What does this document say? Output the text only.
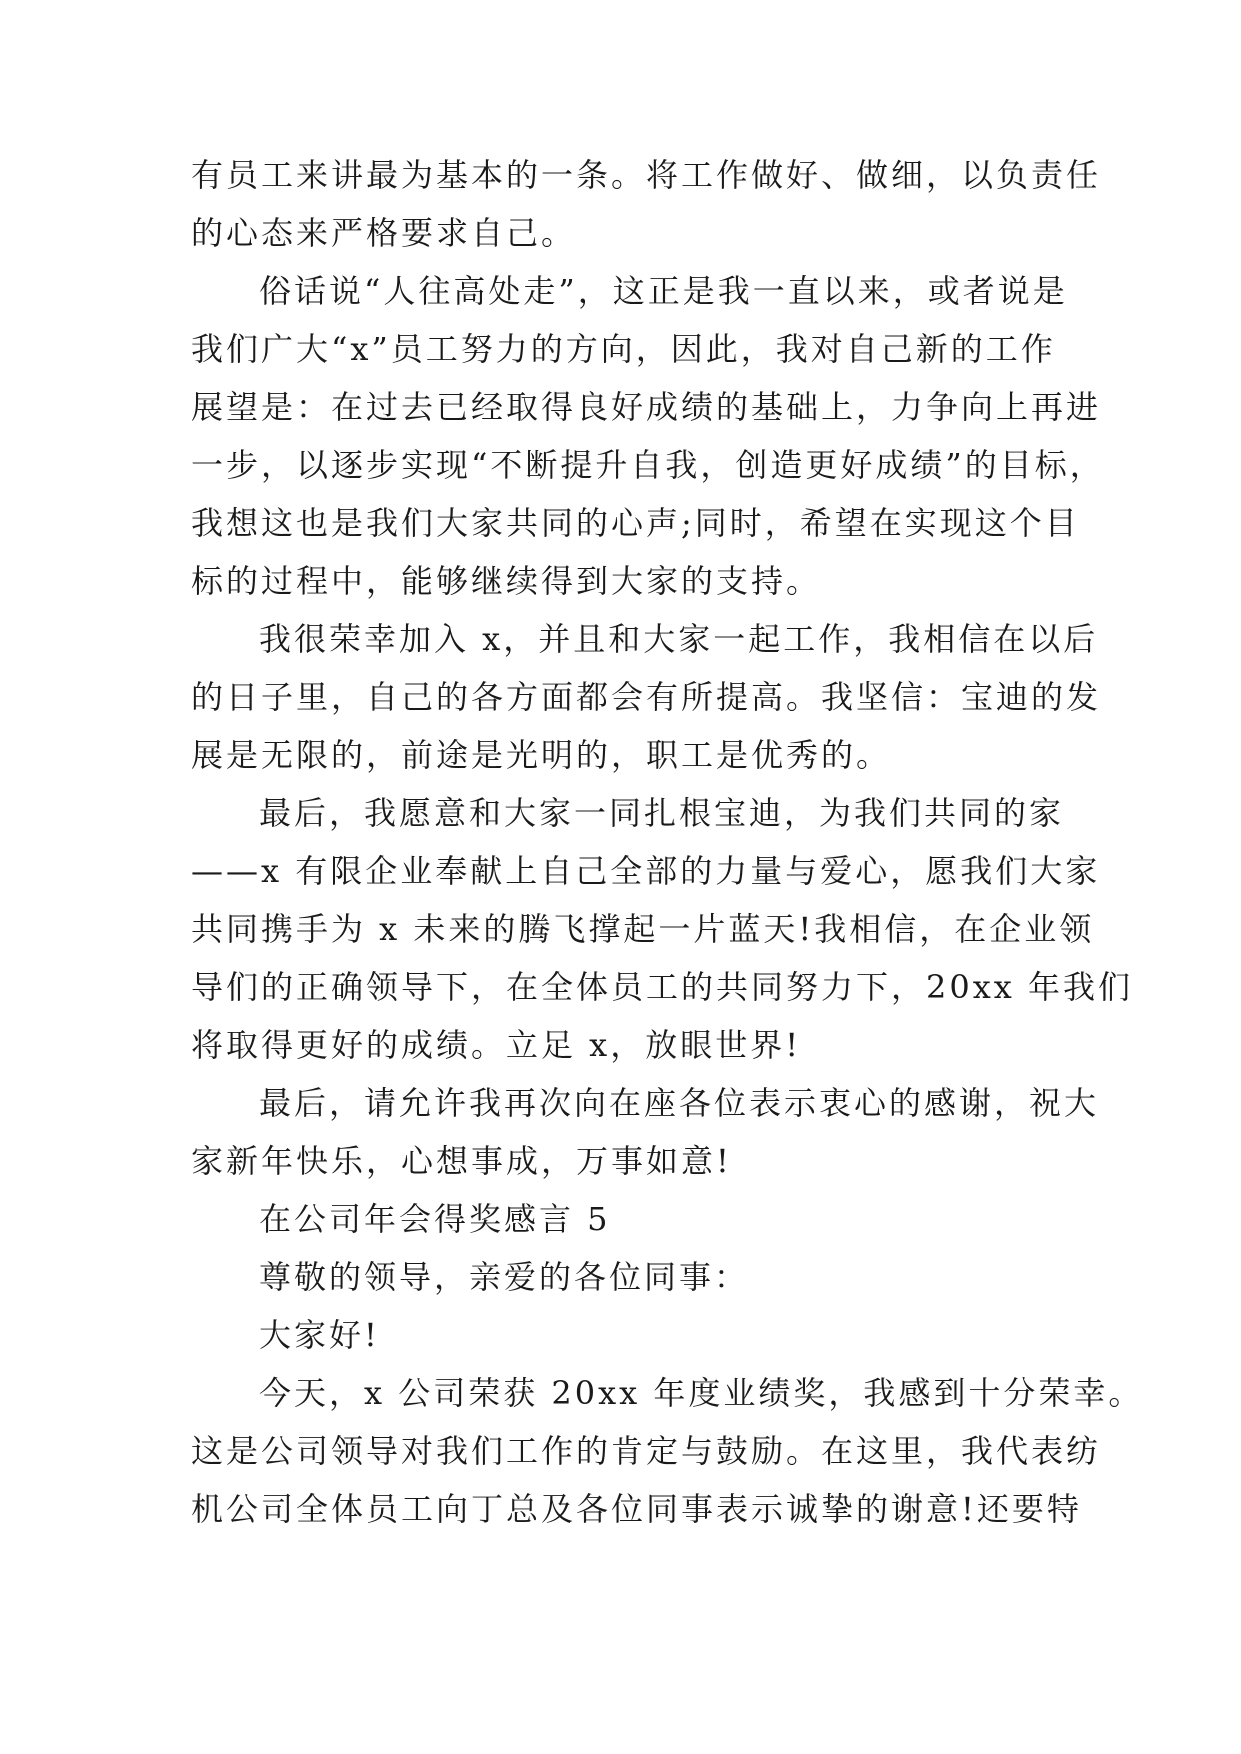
有员工来讲最为基本的一条。将工作做好、做细，以负责任
的心态来严格要求自己。
俗话说“人往高处走”，这正是我一直以来，或者说是
我们广大“x”员工努力的方向，因此，我对自己新的工作
展望是：在过去已经取得良好成绩的基础上，力争向上再进
一步，以逐步实现“不断提升自我，创造更好成绩”的目标，
我想这也是我们大家共同的心声;同时，希望在实现这个目
标的过程中，能够继续得到大家的支持。
我很荣幸加入 x，并且和大家一起工作，我相信在以后
的日子里，自己的各方面都会有所提高。我坚信：宝迪的发
展是无限的，前途是光明的，职工是优秀的。
最后，我愿意和大家一同扎根宝迪，为我们共同的家
——x 有限企业奉献上自己全部的力量与爱心，愿我们大家
共同携手为 x 未来的腾飞撑起一片蓝天!我相信，在企业领
导们的正确领导下，在全体员工的共同努力下，20xx 年我们
将取得更好的成绩。立足 x，放眼世界!
最后，请允许我再次向在座各位表示衷心的感谢，祝大
家新年快乐，心想事成，万事如意!
在公司年会得奖感言 5
尊敬的领导，亲爱的各位同事：
大家好!
今天，x 公司荣获 20xx 年度业绩奖，我感到十分荣幸。
这是公司领导对我们工作的肯定与鼓励。在这里，我代表纺
机公司全体员工向丁总及各位同事表示诚挚的谢意!还要特
